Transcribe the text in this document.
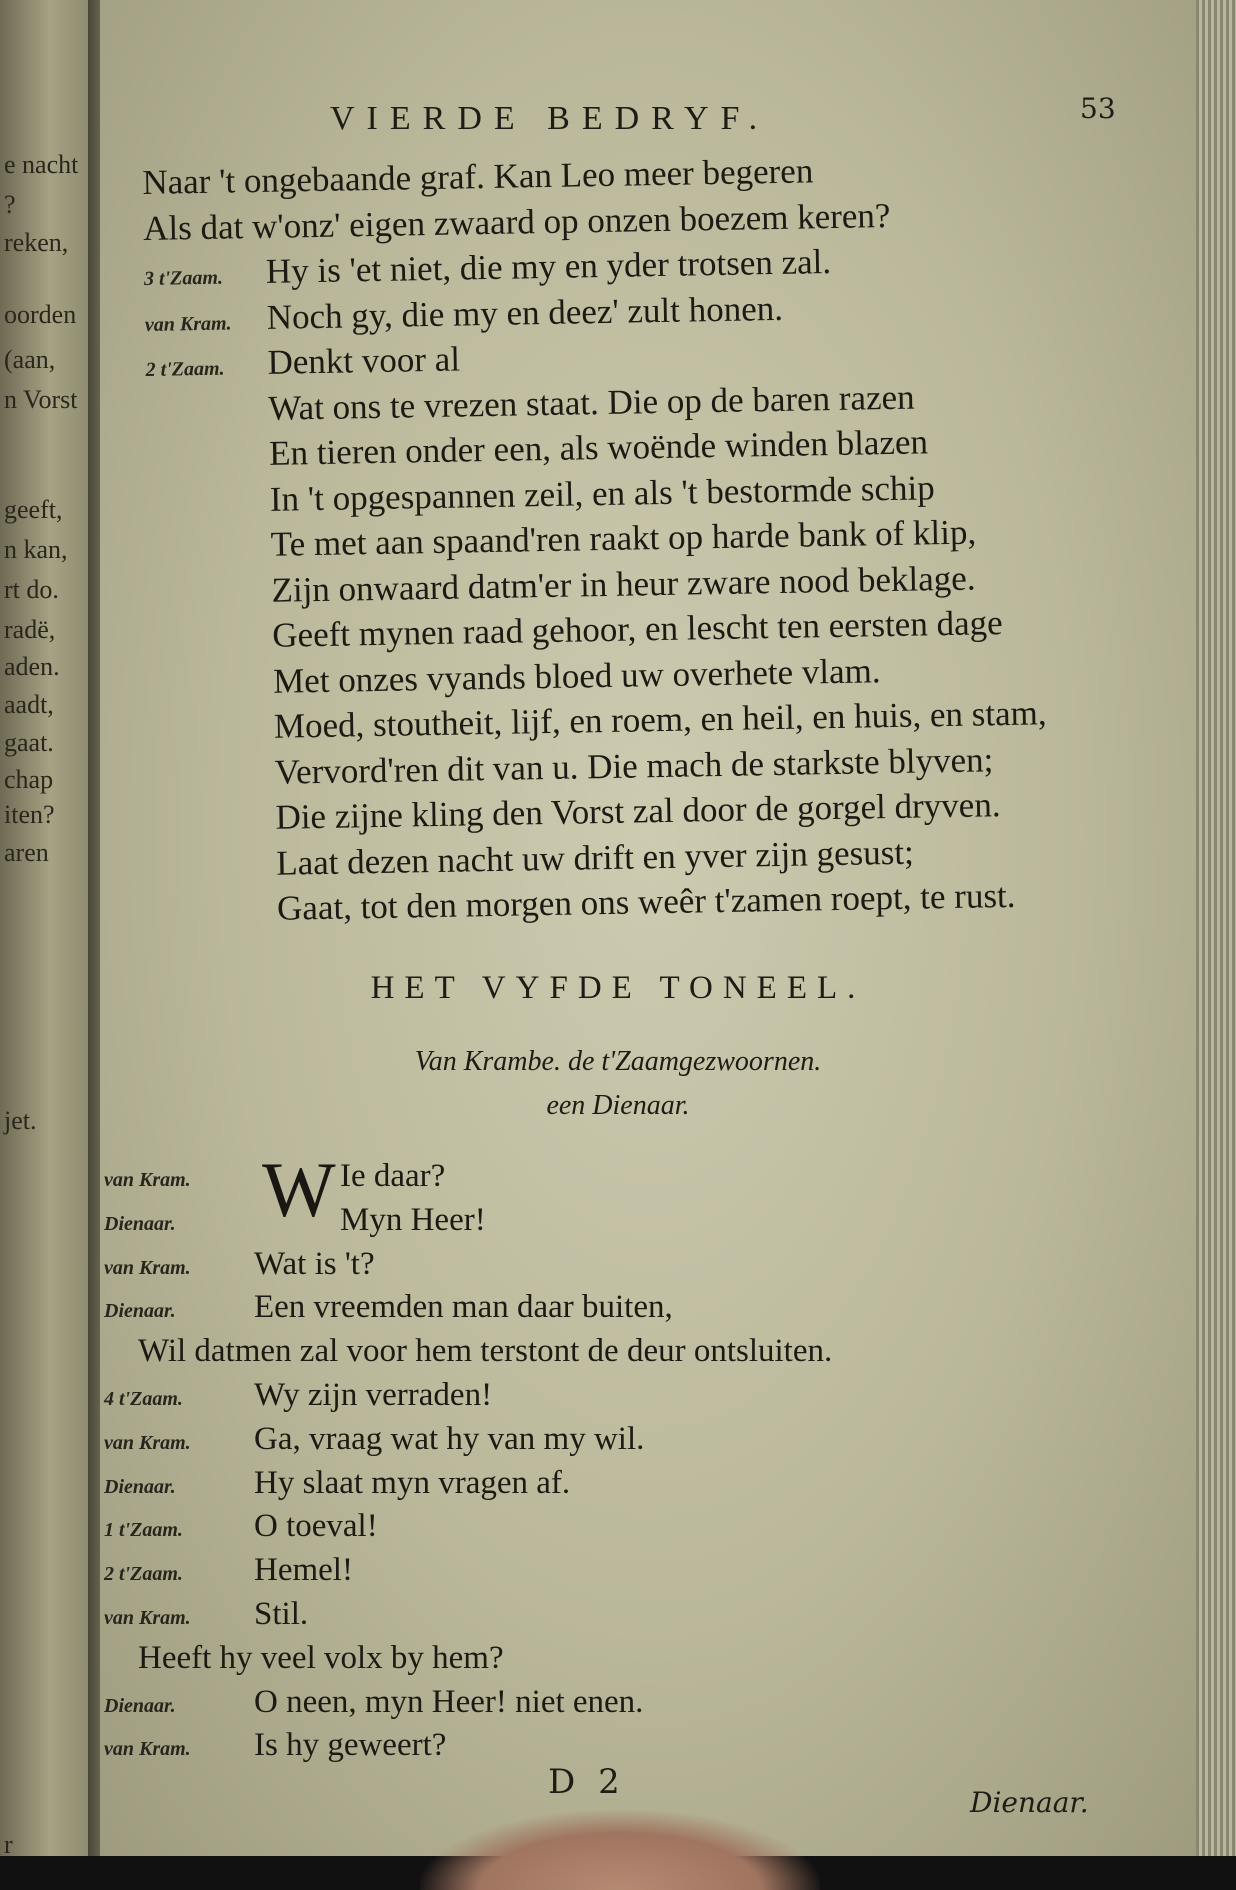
e nacht
?
reken,
oorden
(aan,
n Vorst
geeft,
n kan,
rt do.
radë,
aden.
aadt,
gaat.
chap
iten?
aren
jet.
r
VIERDE BEDRYF.	53
Naar 't ongebaande graf. Kan Leo meer begeren
Als dat w'onz' eigen zwaard op onzen boezem keren?
3 t'Zaam. Hy is 'et niet, die my en yder trotsen zal.
van Kram. Noch gy, die my en deez' zult honen.
2 t'Zaam. Denkt voor al
Wat ons te vrezen staat. Die op de baren razen
En tieren onder een, als woënde winden blazen
In 't opgespannen zeil, en als 't bestormde schip
Te met aan spaand'ren raakt op harde bank of klip,
Zijn onwaard datm'er in heur zware nood beklage.
Geeft mynen raad gehoor, en lescht ten eersten dage
Met onzes vyands bloed uw overhete vlam.
Moed, stoutheit, lijf, en roem, en heil, en huis, en stam,
Vervord'ren dit van u. Die mach de starkste blyven;
Die zijne kling den Vorst zal door de gorgel dryven.
Laat dezen nacht uw drift en yver zijn gesust;
Gaat, tot den morgen ons weêr t'zamen roept, te rust.
HET VYFDE TONEEL.
Van Krambe. de t'Zaamgezwoornen.
een Dienaar.
W
van Kram.	Ie daar?
Dienaar.	Myn Heer!
van Kram. Wat is 't?
Dienaar. Een vreemden man daar buiten,
Wil datmen zal voor hem terstont de deur ontsluiten.
4 t'Zaam. Wy zijn verraden!
van Kram. Ga, vraag wat hy van my wil.
Dienaar. Hy slaat myn vragen af.
1 t'Zaam. O toeval!
2 t'Zaam. Hemel!
van Kram. Stil.
Heeft hy veel volx by hem?
Dienaar. O neen, myn Heer! niet enen.
van Kram. Is hy geweert?
D 2
Dienaar.
